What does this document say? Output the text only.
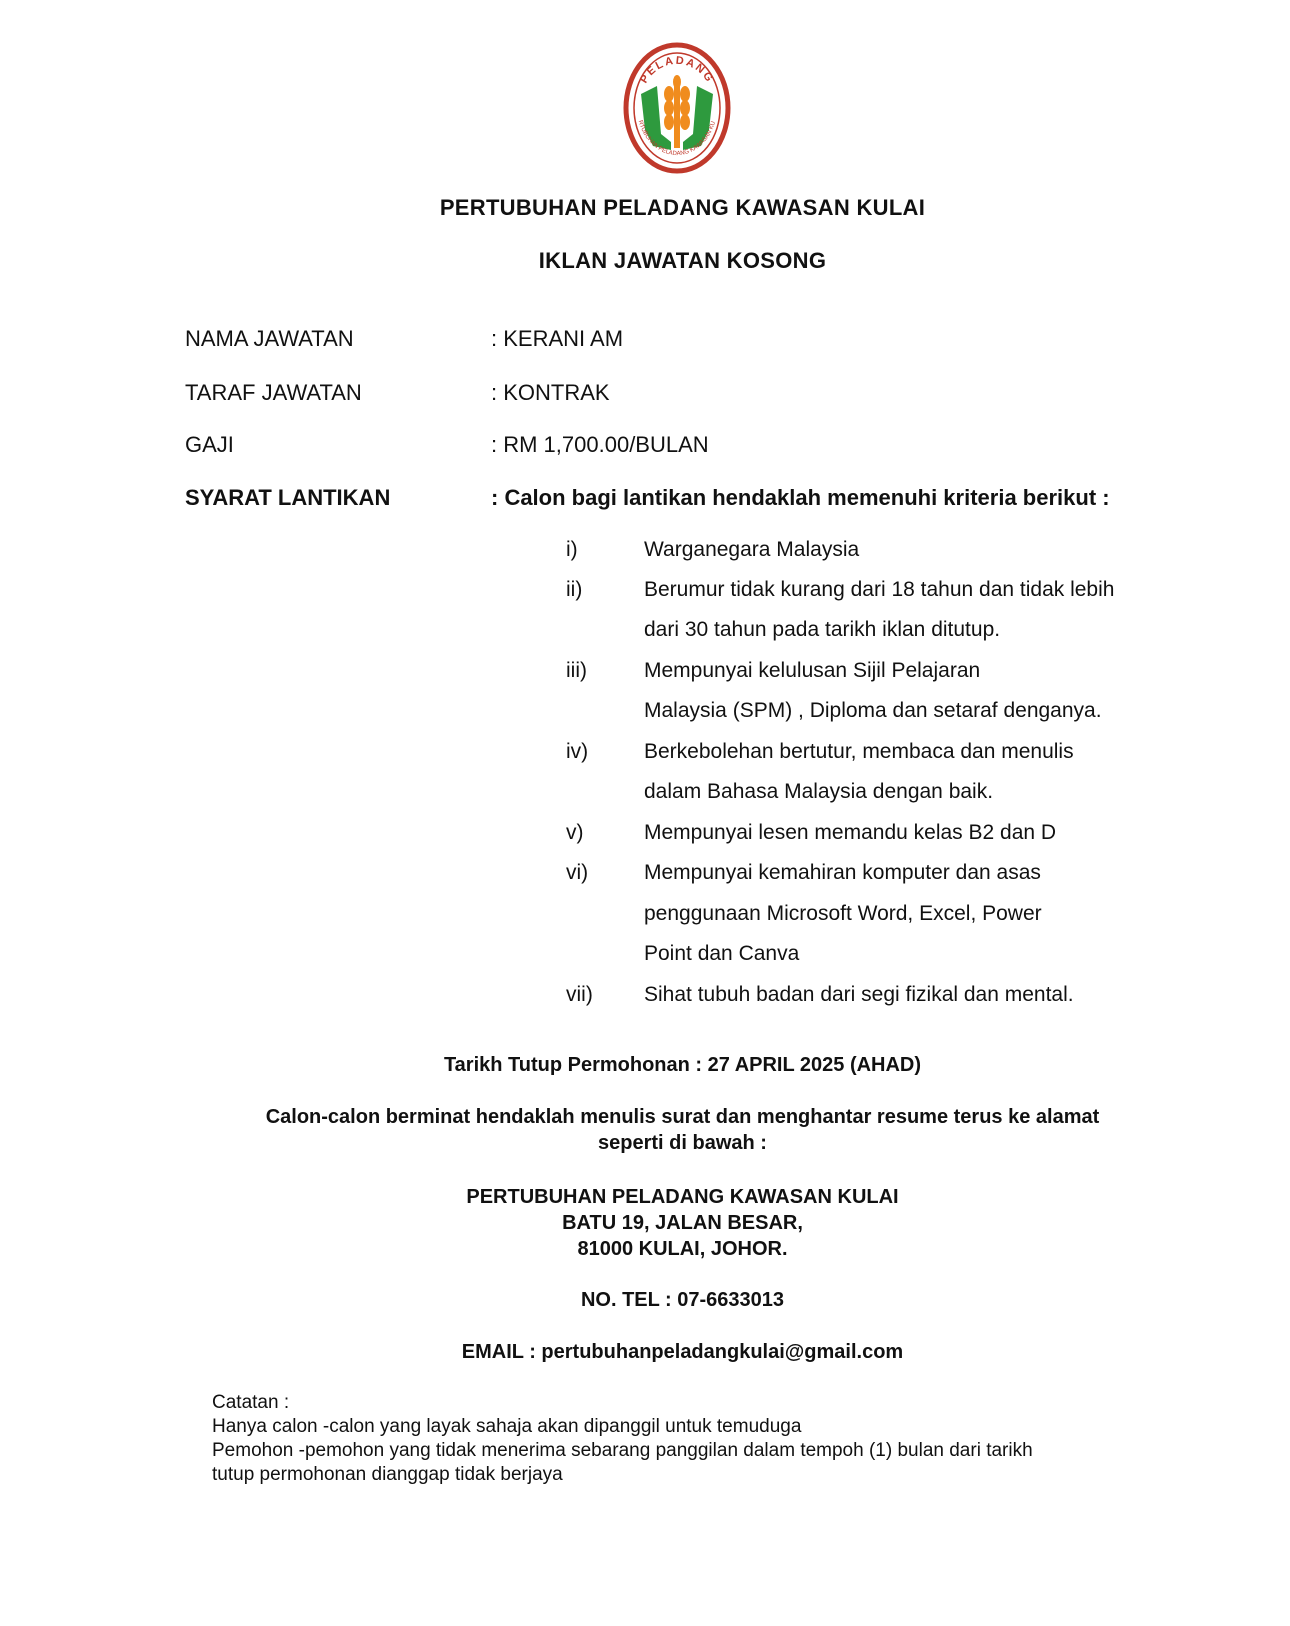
PELADANG
RTUBUHAN PELADANG KAWASAN KU
PERTUBUHAN PELADANG KAWASAN KULAI
IKLAN JAWATAN KOSONG
NAMA JAWATAN	: KERANI AM
TARAF JAWATAN	: KONTRAK
GAJI	: RM 1,700.00/BULAN
SYARAT LANTIKAN	: Calon bagi lantikan hendaklah memenuhi kriteria berikut :
i)	Warganegara Malaysia
ii)	Berumur tidak kurang dari 18 tahun dan tidak lebih
dari 30 tahun pada tarikh iklan ditutup.
iii)	Mempunyai kelulusan Sijil Pelajaran
Malaysia (SPM) , Diploma dan setaraf denganya.
iv)	Berkebolehan bertutur, membaca dan menulis
dalam Bahasa Malaysia dengan baik.
v)	Mempunyai lesen memandu kelas B2 dan D
vi)	Mempunyai kemahiran komputer dan asas
penggunaan Microsoft Word, Excel, Power
Point dan Canva
vii) Sihat tubuh badan dari segi fizikal dan mental.
Tarikh Tutup Permohonan : 27 APRIL 2025 (AHAD)
Calon-calon berminat hendaklah menulis surat dan menghantar resume terus ke alamat
seperti di bawah :
PERTUBUHAN PELADANG KAWASAN KULAI
BATU 19, JALAN BESAR,
81000 KULAI, JOHOR.
NO. TEL : 07-6633013
EMAIL : pertubuhanpeladangkulai@gmail.com
Catatan :
Hanya calon -calon yang layak sahaja akan dipanggil untuk temuduga
Pemohon -pemohon yang tidak menerima sebarang panggilan dalam tempoh (1) bulan dari tarikh
tutup permohonan dianggap tidak berjaya
